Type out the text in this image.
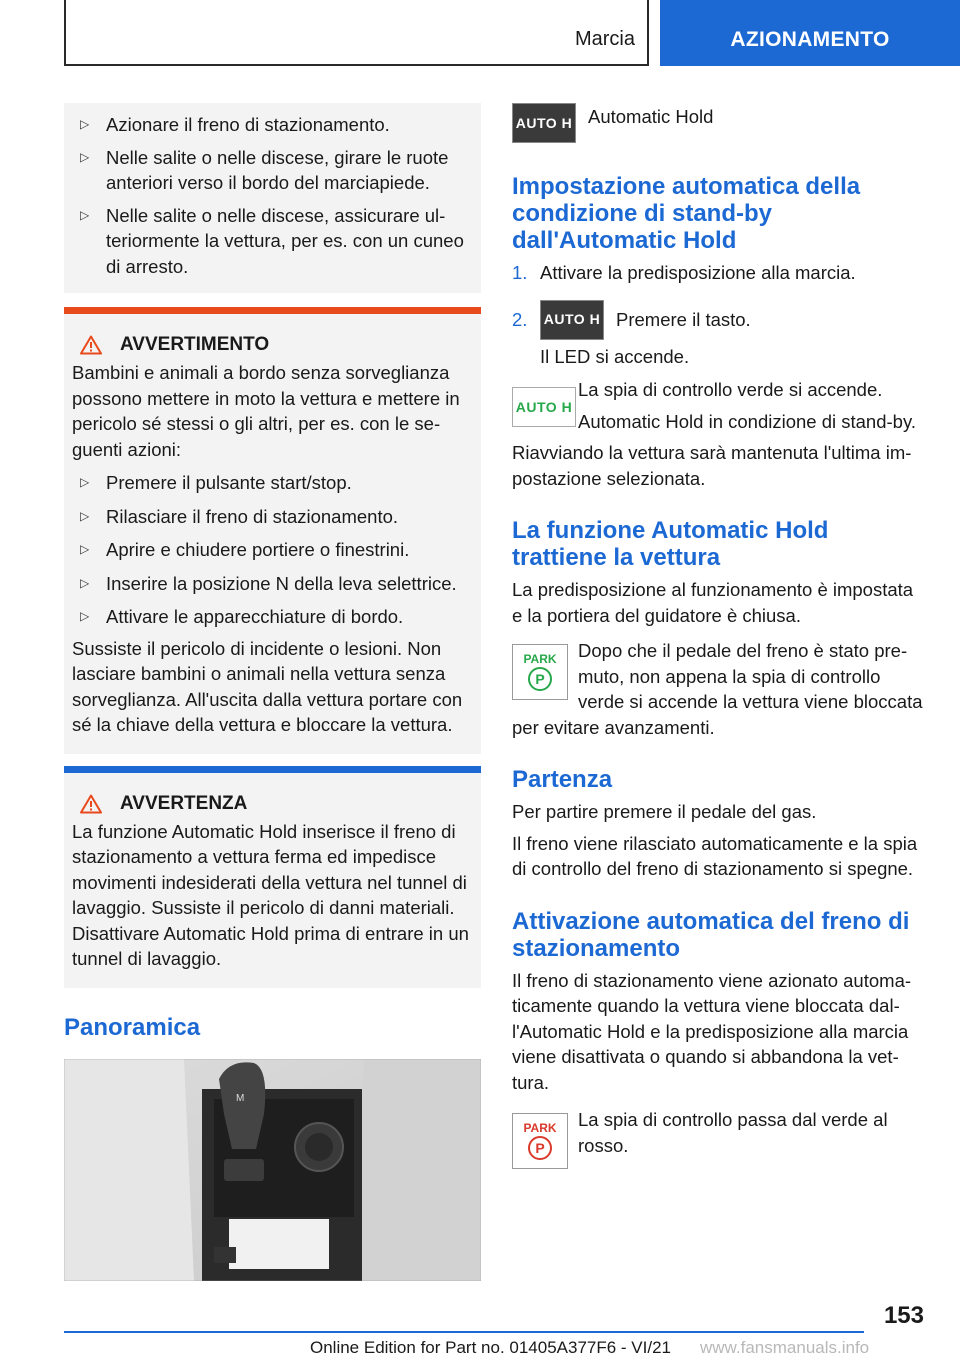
Marcia	AZIONAMENTO
▷ Azionare il freno di stazionamento.
▷ Nelle salite o nelle discese, girare le ruote anteriori verso il bordo del marciapiede.
▷ Nelle salite o nelle discese, assicurare ulteriormente la vettura, per es. con un cuneo di arresto.
AVVERTIMENTO

Bambini e animali a bordo senza sorveglianza possono mettere in moto la vettura e mettere in pericolo sé stessi o gli altri, per es. con le seguenti azioni:

▷ Premere il pulsante start/stop.
▷ Rilasciare il freno di stazionamento.
▷ Aprire e chiudere portiere o finestrini.
▷ Inserire la posizione N della leva selettrice.
▷ Attivare le apparecchiature di bordo.

Sussiste il pericolo di incidente o lesioni. Non lasciare bambini o animali nella vettura senza sorveglianza. All'uscita dalla vettura portare con sé la chiave della vettura e bloccare la vettura.

AVVERTENZA

La funzione Automatic Hold inserisce il freno di stazionamento a vettura ferma ed impedisce movimenti indesiderati della vettura nel tunnel di lavaggio. Sussiste il pericolo di danni materiali. Disattivare Automatic Hold prima di entrare in un tunnel di lavaggio.

Panoramica
M
AUTO H Automatic Hold

Impostazione automatica della condizione di stand-by dall'Automatic Hold
1. Attivare la predisposizione alla marcia.
2.	AUTO H Premere il tasto.

Il LED si accende.

AUTO H

La spia di controllo verde si accende.

Automatic Hold in condizione di stand-by.

Riavviando la vettura sarà mantenuta l'ultima impostazione selezionata.

La funzione Automatic Hold trattiene la vettura

La predisposizione al funzionamento è impostata e la portiera del guidatore è chiusa.

PARK
P

Dopo che il pedale del freno è stato premuto, non appena la spia di controllo verde si accende la vettura viene bloccata per evitare avanzamenti.

Partenza

Per partire premere il pedale del gas.

Il freno viene rilasciato automaticamente e la spia di controllo del freno di stazionamento si spegne.

Attivazione automatica del freno di stazionamento

Il freno di stazionamento viene azionato automaticamente quando la vettura viene bloccata dall'Automatic Hold e la predisposizione alla marcia viene disattivata o quando si abbandona la vettura.

PARK
P

La spia di controllo passa dal verde al rosso.

153
Online Edition for Part no. 01405A377F6 - VI/21 www.fansmanuals.info
